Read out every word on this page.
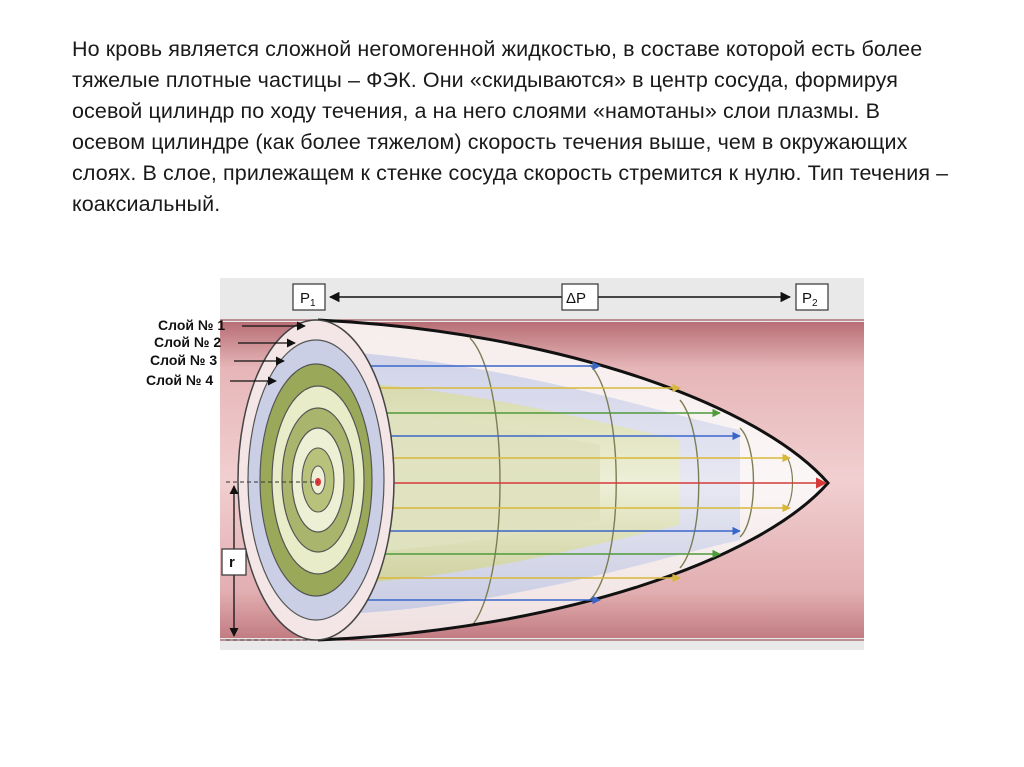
Но кровь является сложной негомогенной жидкостью, в составе которой есть более тяжелые плотные частицы – ФЭК. Они «скидываются» в центр сосуда, формируя осевой цилиндр по ходу течения, а на него слоями «намотаны» слои плазмы. В осевом цилиндре (как более тяжелом) скорость течения выше, чем в окружающих слоях. В слое, прилежащем к стенке сосуда скорость стремится к нулю. Тип течения – коаксиальный.

Слой № 1
Слой № 2
Слой № 3
Слой № 4
$P_1$	ΔP	$P_2$
r
